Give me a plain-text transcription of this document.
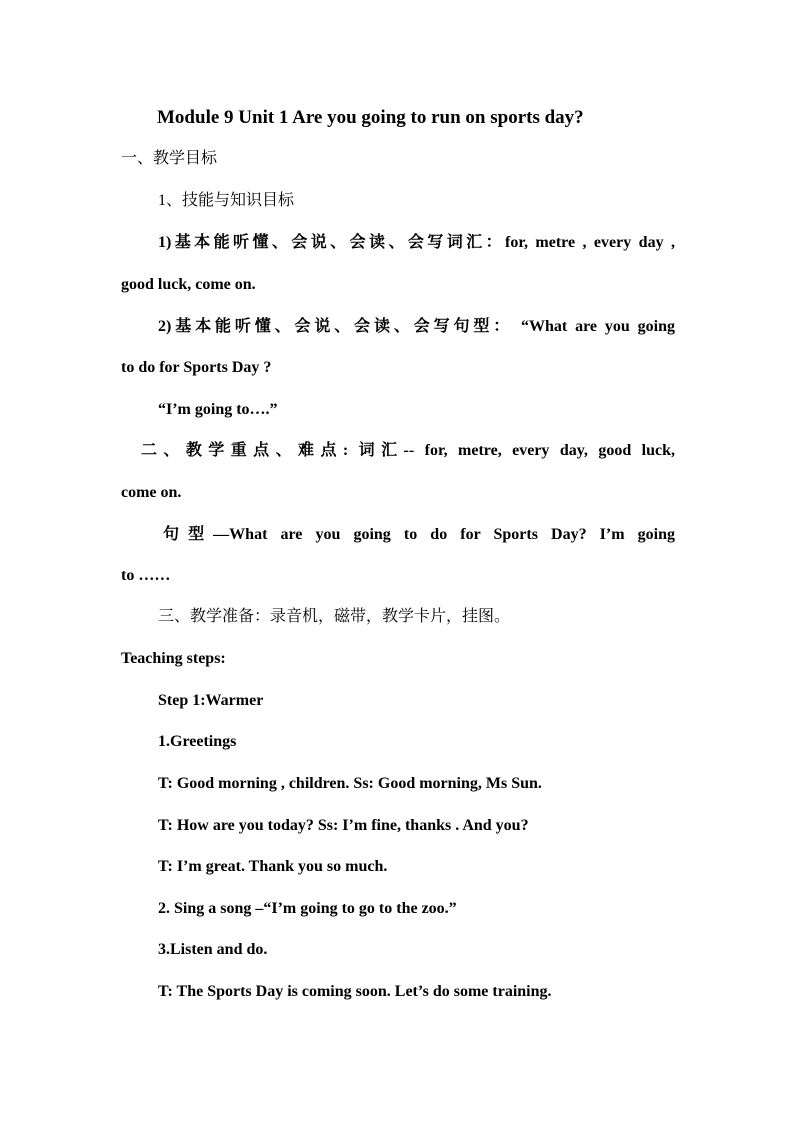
Module 9 Unit 1 Are you going to run on sports day?
一、教学目标
1、技能与知识目标
1)基本能听懂、会说、会读、会写词汇：for, metre , every day ,
good luck, come on.
2)基本能听懂、会说、会读、会写句型： “What are you going
to do for Sports Day ?
“I’m going to….”
二、教学重点、难点: 词汇-- for, metre, every day, good luck,
come on.
句型—What are you going to do for Sports Day? I’m going
to ……
三、教学准备：录音机，磁带，教学卡片，挂图。
Teaching steps:
Step 1:Warmer
1.Greetings
T: Good morning , children. Ss: Good morning, Ms Sun.
T: How are you today? Ss: I’m fine, thanks . And you?
T: I’m great. Thank you so much.
2. Sing a song –“I’m going to go to the zoo.”
3.Listen and do.
T: The Sports Day is coming soon. Let’s do some training.
